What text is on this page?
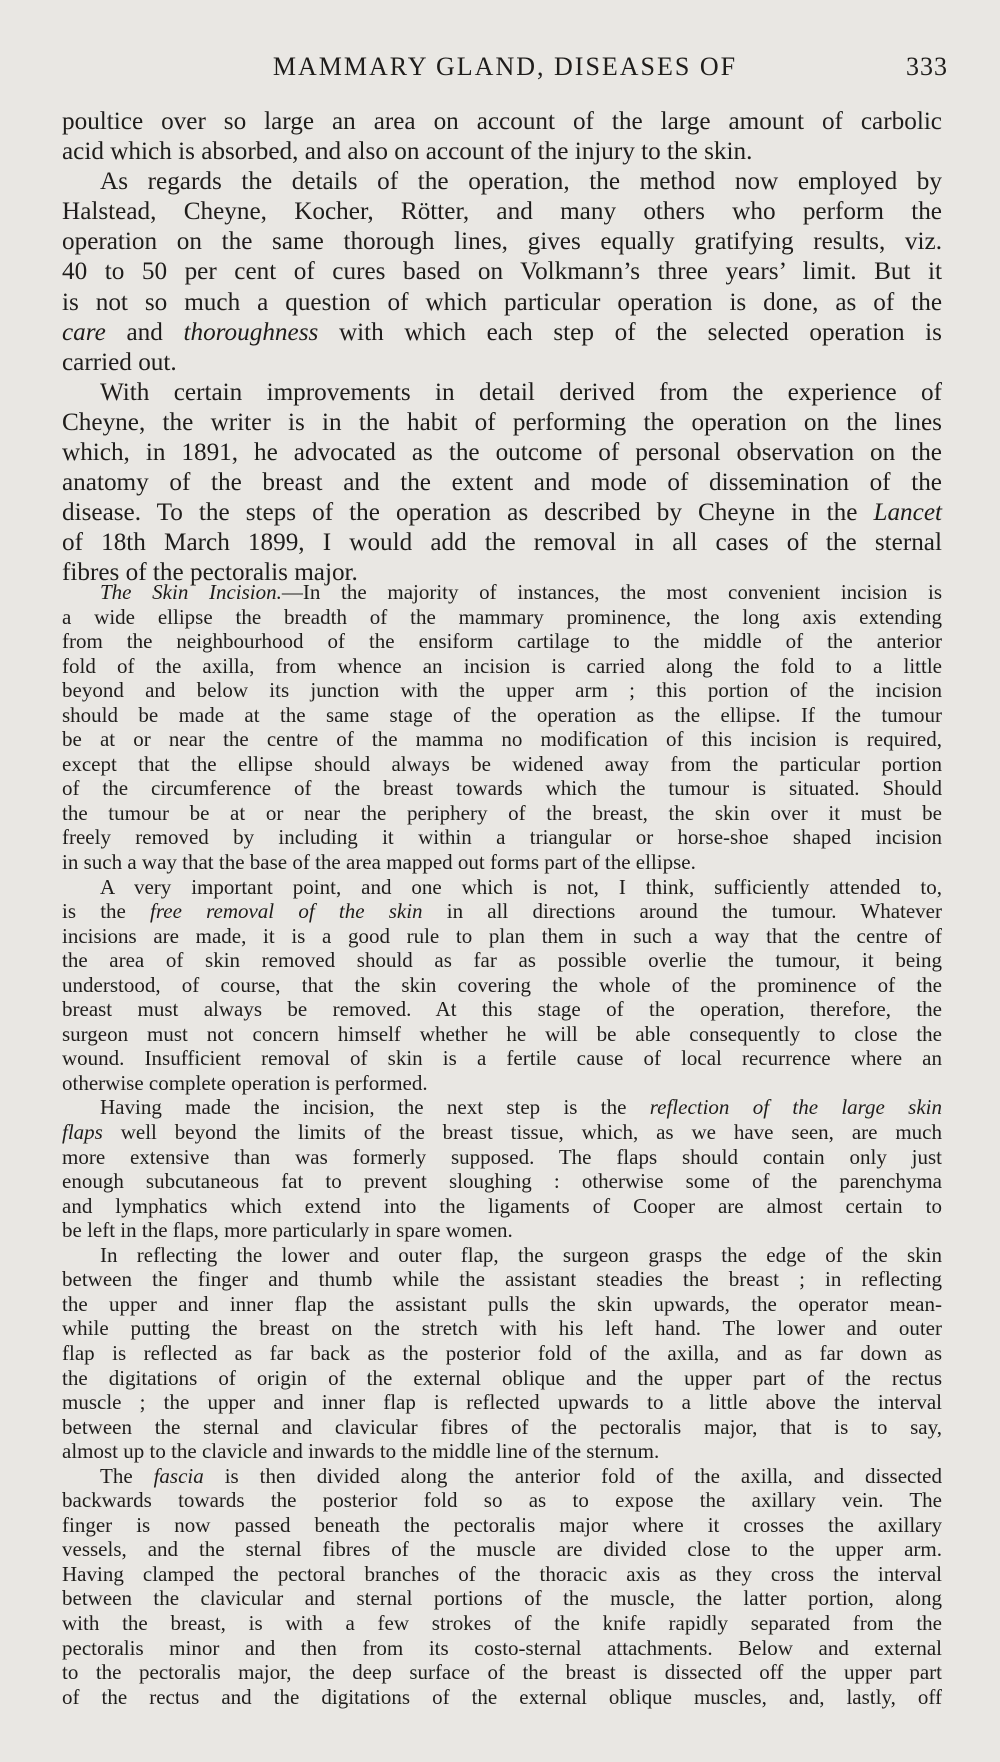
MAMMARY GLAND, DISEASES OF	333
poultice over so large an area on account of the large amount of carbolic
acid which is absorbed, and also on account of the injury to the skin.
As regards the details of the operation, the method now employed by
Halstead, Cheyne, Kocher, Rötter, and many others who perform the
operation on the same thorough lines, gives equally gratifying results, viz.
40 to 50 per cent of cures based on Volkmann’s three years’ limit. But it
is not so much a question of which particular operation is done, as of the
care and thoroughness with which each step of the selected operation is
carried out.
With certain improvements in detail derived from the experience of
Cheyne, the writer is in the habit of performing the operation on the lines
which, in 1891, he advocated as the outcome of personal observation on the
anatomy of the breast and the extent and mode of dissemination of the
disease. To the steps of the operation as described by Cheyne in the Lancet
of 18th March 1899, I would add the removal in all cases of the sternal
fibres of the pectoralis major.
The Skin Incision.—In the majority of instances, the most convenient incision is
a wide ellipse the breadth of the mammary prominence, the long axis extending
from the neighbourhood of the ensiform cartilage to the middle of the anterior
fold of the axilla, from whence an incision is carried along the fold to a little
beyond and below its junction with the upper arm ; this portion of the incision
should be made at the same stage of the operation as the ellipse. If the tumour
be at or near the centre of the mamma no modification of this incision is required,
except that the ellipse should always be widened away from the particular portion
of the circumference of the breast towards which the tumour is situated. Should
the tumour be at or near the periphery of the breast, the skin over it must be
freely removed by including it within a triangular or horse-shoe shaped incision
in such a way that the base of the area mapped out forms part of the ellipse.
A very important point, and one which is not, I think, sufficiently attended to,
is the free removal of the skin in all directions around the tumour. Whatever
incisions are made, it is a good rule to plan them in such a way that the centre of
the area of skin removed should as far as possible overlie the tumour, it being
understood, of course, that the skin covering the whole of the prominence of the
breast must always be removed. At this stage of the operation, therefore, the
surgeon must not concern himself whether he will be able consequently to close the
wound. Insufficient removal of skin is a fertile cause of local recurrence where an
otherwise complete operation is performed.
Having made the incision, the next step is the reflection of the large skin
flaps well beyond the limits of the breast tissue, which, as we have seen, are much
more extensive than was formerly supposed. The flaps should contain only just
enough subcutaneous fat to prevent sloughing : otherwise some of the parenchyma
and lymphatics which extend into the ligaments of Cooper are almost certain to
be left in the flaps, more particularly in spare women.
In reflecting the lower and outer flap, the surgeon grasps the edge of the skin
between the finger and thumb while the assistant steadies the breast ; in reflecting
the upper and inner flap the assistant pulls the skin upwards, the operator mean-
while putting the breast on the stretch with his left hand. The lower and outer
flap is reflected as far back as the posterior fold of the axilla, and as far down as
the digitations of origin of the external oblique and the upper part of the rectus
muscle ; the upper and inner flap is reflected upwards to a little above the interval
between the sternal and clavicular fibres of the pectoralis major, that is to say,
almost up to the clavicle and inwards to the middle line of the sternum.
The fascia is then divided along the anterior fold of the axilla, and dissected
backwards towards the posterior fold so as to expose the axillary vein. The
finger is now passed beneath the pectoralis major where it crosses the axillary
vessels, and the sternal fibres of the muscle are divided close to the upper arm.
Having clamped the pectoral branches of the thoracic axis as they cross the interval
between the clavicular and sternal portions of the muscle, the latter portion, along
with the breast, is with a few strokes of the knife rapidly separated from the
pectoralis minor and then from its costo-sternal attachments. Below and external
to the pectoralis major, the deep surface of the breast is dissected off the upper part
of the rectus and the digitations of the external oblique muscles, and, lastly, off
